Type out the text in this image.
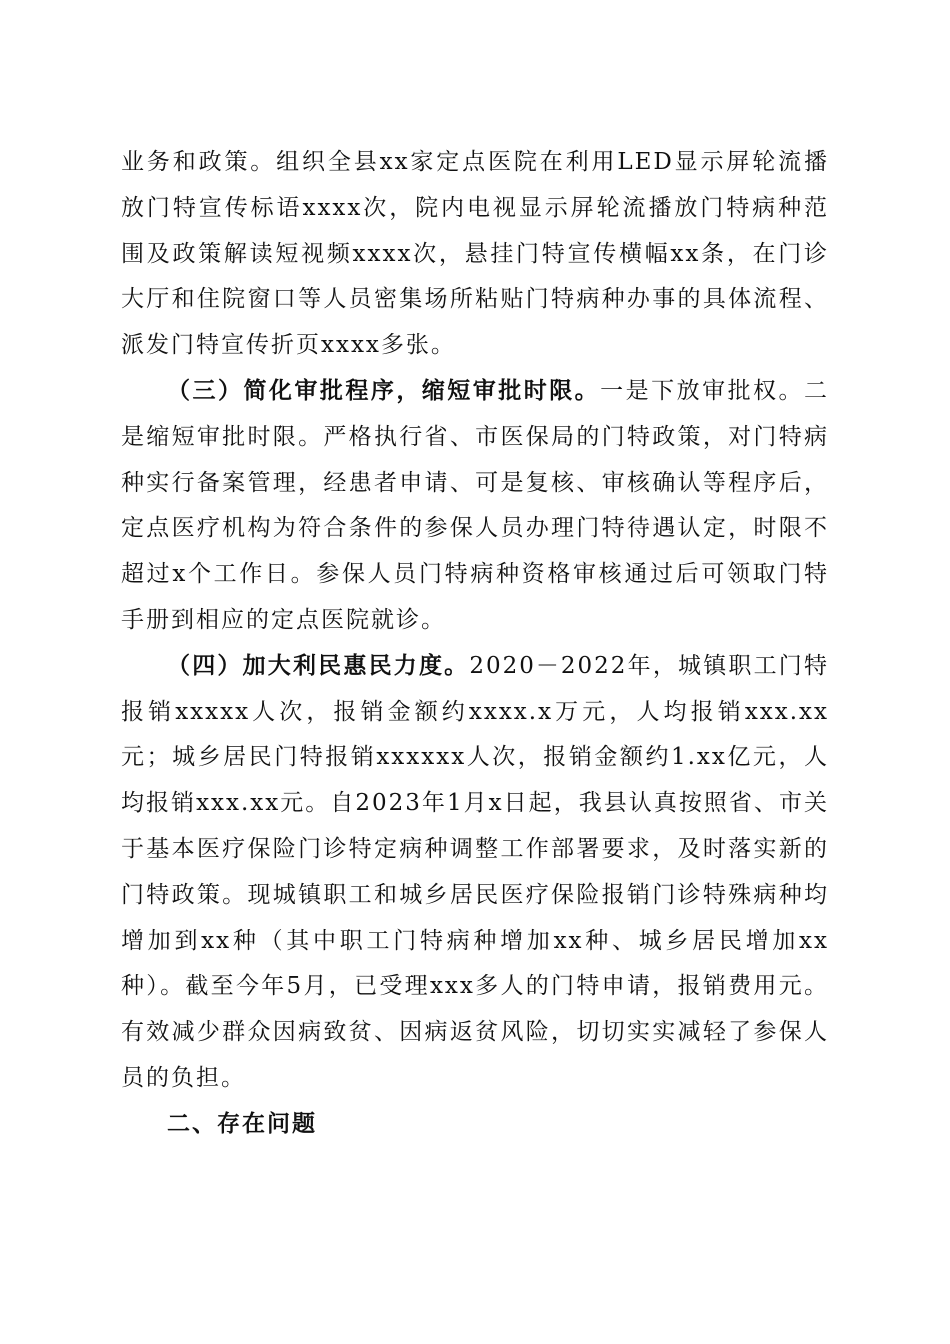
业务和政策。组织全县xx家定点医院在利用LED显示屏轮流播放门特宣传标语xxxx次，院内电视显示屏轮流播放门特病种范围及政策解读短视频xxxx次，悬挂门特宣传横幅xx条，在门诊大厅和住院窗口等人员密集场所粘贴门特病种办事的具体流程、派发门特宣传折页xxxx多张。

（三）简化审批程序，缩短审批时限。一是下放审批权。二是缩短审批时限。严格执行省、市医保局的门特政策，对门特病种实行备案管理，经患者申请、可是复核、审核确认等程序后，定点医疗机构为符合条件的参保人员办理门特待遇认定，时限不超过x个工作日。参保人员门特病种资格审核通过后可领取门特手册到相应的定点医院就诊。

（四）加大利民惠民力度。2020－2022年，城镇职工门特报销xxxxx人次，报销金额约xxxx.x万元，人均报销xxx.xx元；城乡居民门特报销xxxxxx人次，报销金额约1.xx亿元，人均报销xxx.xx元。自2023年1月x日起，我县认真按照省、市关于基本医疗保险门诊特定病种调整工作部署要求，及时落实新的门特政策。现城镇职工和城乡居民医疗保险报销门诊特殊病种均增加到xx种（其中职工门特病种增加xx种、城乡居民增加xx种）。截至今年5月，已受理xxx多人的门特申请，报销费用元。有效减少群众因病致贫、因病返贫风险，切切实实减轻了参保人员的负担。

二、存在问题
